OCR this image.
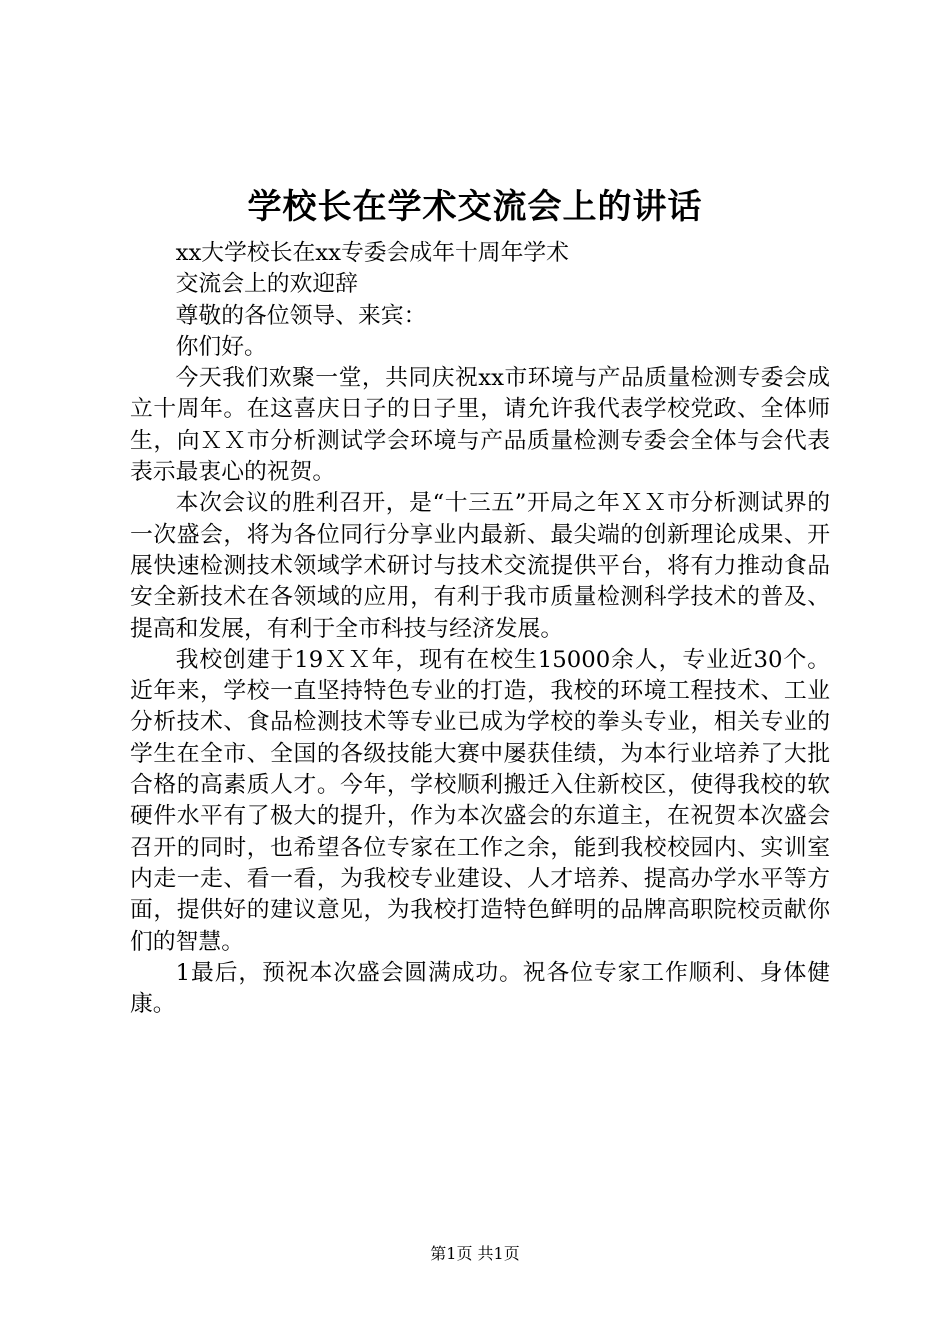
学校长在学术交流会上的讲话

xx大学校长在xx专委会成年十周年学术

交流会上的欢迎辞

尊敬的各位领导、来宾：

你们好。

今天我们欢聚一堂，共同庆祝xx市环境与产品质量检测专委会成立十周年。在这喜庆日子的日子里，请允许我代表学校党政、全体师生，向ＸＸ市分析测试学会环境与产品质量检测专委会全体与会代表表示最衷心的祝贺。

本次会议的胜利召开，是“十三五”开局之年ＸＸ市分析测试界的一次盛会，将为各位同行分享业内最新、最尖端的创新理论成果、开展快速检测技术领域学术研讨与技术交流提供平台，将有力推动食品安全新技术在各领域的应用，有利于我市质量检测科学技术的普及、提高和发展，有利于全市科技与经济发展。

我校创建于19ＸＸ年，现有在校生15000余人，专业近30个。近年来，学校一直坚持特色专业的打造，我校的环境工程技术、工业分析技术、食品检测技术等专业已成为学校的拳头专业，相关专业的学生在全市、全国的各级技能大赛中屡获佳绩，为本行业培养了大批合格的高素质人才。今年，学校顺利搬迁入住新校区，使得我校的软硬件水平有了极大的提升，作为本次盛会的东道主，在祝贺本次盛会召开的同时，也希望各位专家在工作之余，能到我校校园内、实训室内走一走、看一看，为我校专业建设、人才培养、提高办学水平等方面，提供好的建议意见，为我校打造特色鲜明的品牌高职院校贡献你们的智慧。

1最后，预祝本次盛会圆满成功。祝各位专家工作顺利、身体健康。

第1页 共1页
